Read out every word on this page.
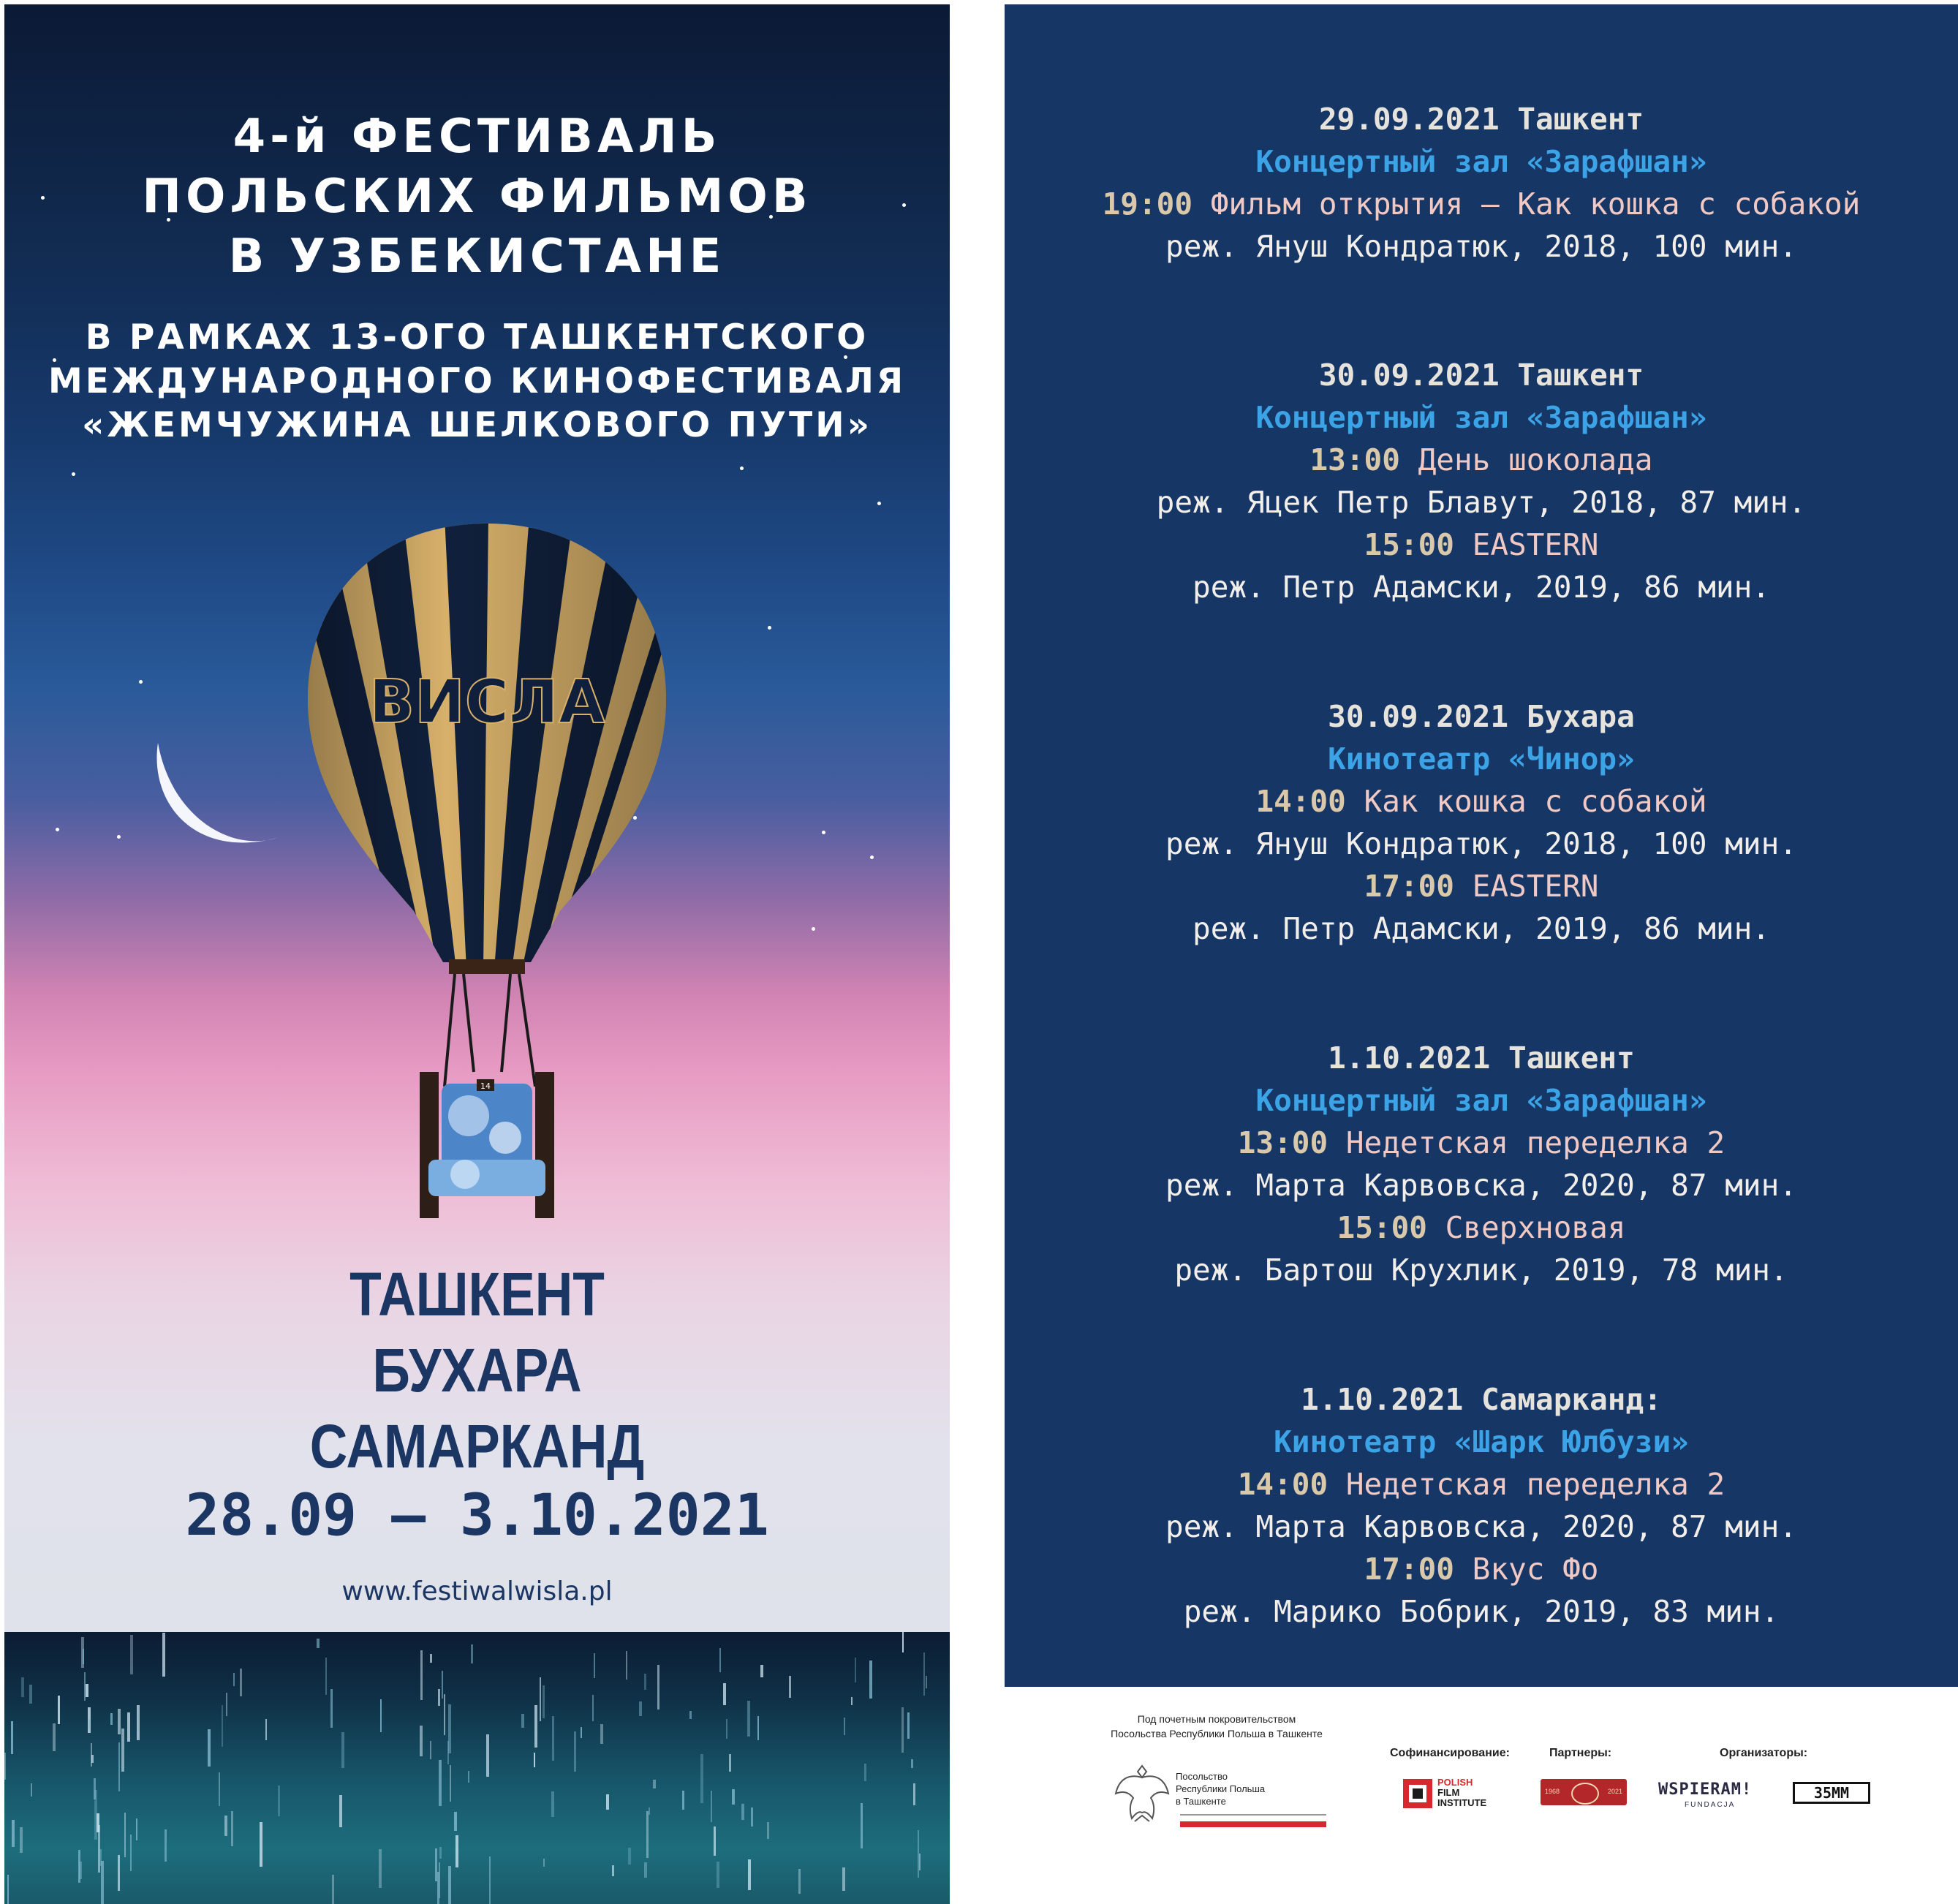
4-й ФЕСТИВАЛЬ
ПОЛЬСКИХ ФИЛЬМОВ
В УЗБЕКИСТАНЕ
В РАМКАХ 13-ОГО ТАШКЕНТСКОГО
МЕЖДУНАРОДНОГО КИНОФЕСТИВАЛЯ
«ЖЕМЧУЖИНА ШЕЛКОВОГО ПУТИ»
ВИСЛА
14
ТАШКЕНТ
БУХАРА
САМАРКАНД
28.09 – 3.10.2021
www.festiwalwisla.pl
29.09.2021 Ташкент
Концертный зал «Зарафшан»
19:00 Фильм открытия – Как кошка с собакой
реж. Януш Кондратюк, 2018, 100 мин.
30.09.2021 Ташкент
Концертный зал «Зарафшан»
13:00 День шоколада
реж. Яцек Петр Блавут, 2018, 87 мин.
15:00 EASTERN
реж. Петр Адамски, 2019, 86 мин.
30.09.2021 Бухара
Кинотеатр «Чинор»
14:00 Как кошка с собакой
реж. Януш Кондратюк, 2018, 100 мин.
17:00 EASTERN
реж. Петр Адамски, 2019, 86 мин.
1.10.2021 Ташкент
Концертный зал «Зарафшан»
13:00 Недетская переделка 2
реж. Марта Карвовска, 2020, 87 мин.
15:00 Сверхновая
реж. Бартош Крухлик, 2019, 78 мин.
1.10.2021 Самарканд:
Кинотеатр «Шарк Юлбузи»
14:00 Недетская переделка 2
реж. Марта Карвовска, 2020, 87 мин.
17:00 Вкус Фо
реж. Марико Бобрик, 2019, 83 мин.
Под почетным покровительством
Посольства Республики Польша в Ташкенте
Посольство
Республики Польша
в Ташкенте
Софинансирование:
POLISH
FILM
INSTITUTE
Партнеры:
1968	2021
Организаторы:
WSPIERAM!
FUNDACJA
35MM
